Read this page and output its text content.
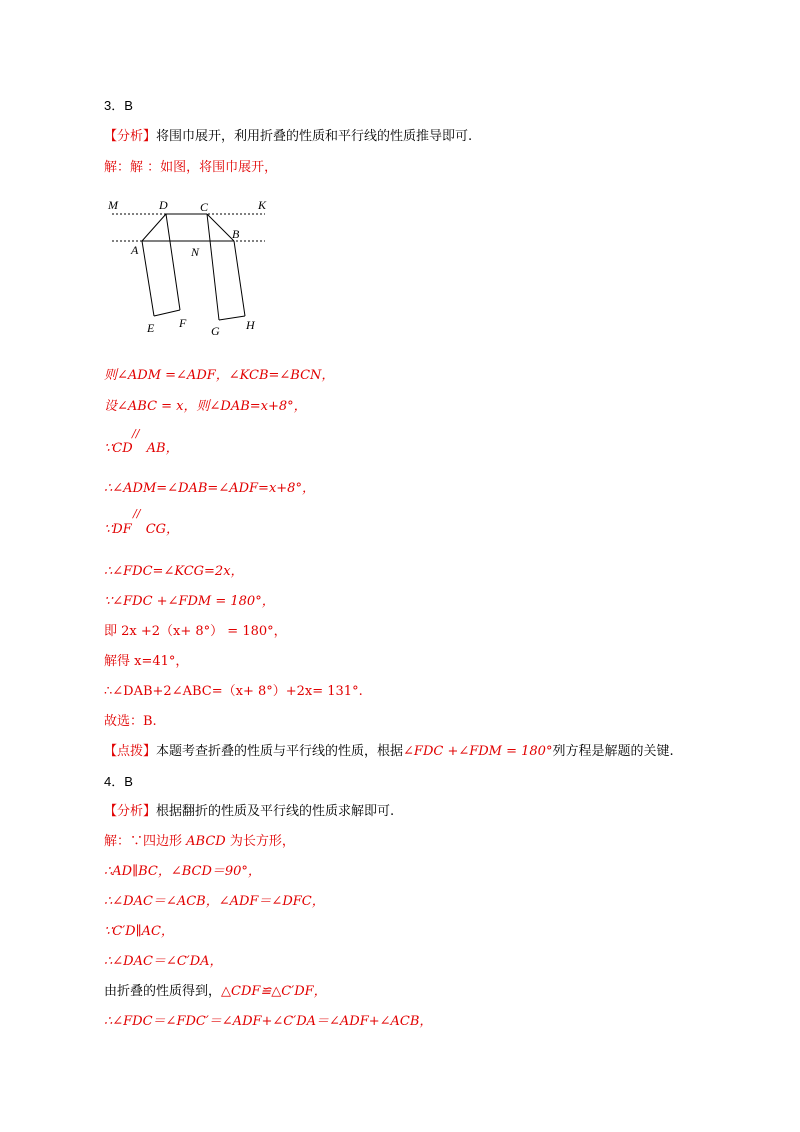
3．B
【分析】将围巾展开，利用折叠的性质和平行线的性质推导即可.
解：解 ：如图，将围巾展开，
M	D	C	K
A	N
B
E F
G H
则∠ADM =∠ADF，∠KCB=∠BCN，
设∠ABC = x，则∠DAB=x+8°，
∵CD AB，
//
∴∠ADM=∠DAB=∠ADF=x+8°，
∵DF CG，
//
∴∠FDC=∠KCG=2x，
∵∠FDC +∠FDM = 180°，
即 2x +2（x+ 8°） = 180°，
解得 x=41°，
∴∠DAB+2∠ABC=（x+ 8°）+2x= 131°.
故选：B.
【点拨】本题考查折叠的性质与平行线的性质，根据∠FDC +∠FDM = 180°列方程是解题的关键.
4．B
【分析】根据翻折的性质及平行线的性质求解即可.
解：∵四边形 ABCD 为长方形，
∴AD∥BC，∠BCD＝90°，
∴∠DAC＝∠ACB，∠ADF＝∠DFC，
∵C′D∥AC，
∴∠DAC＝∠C′DA，
由折叠的性质得到，△CDF≌△C′DF，
∴∠FDC＝∠FDC′＝∠ADF+∠C′DA＝∠ADF+∠ACB，
